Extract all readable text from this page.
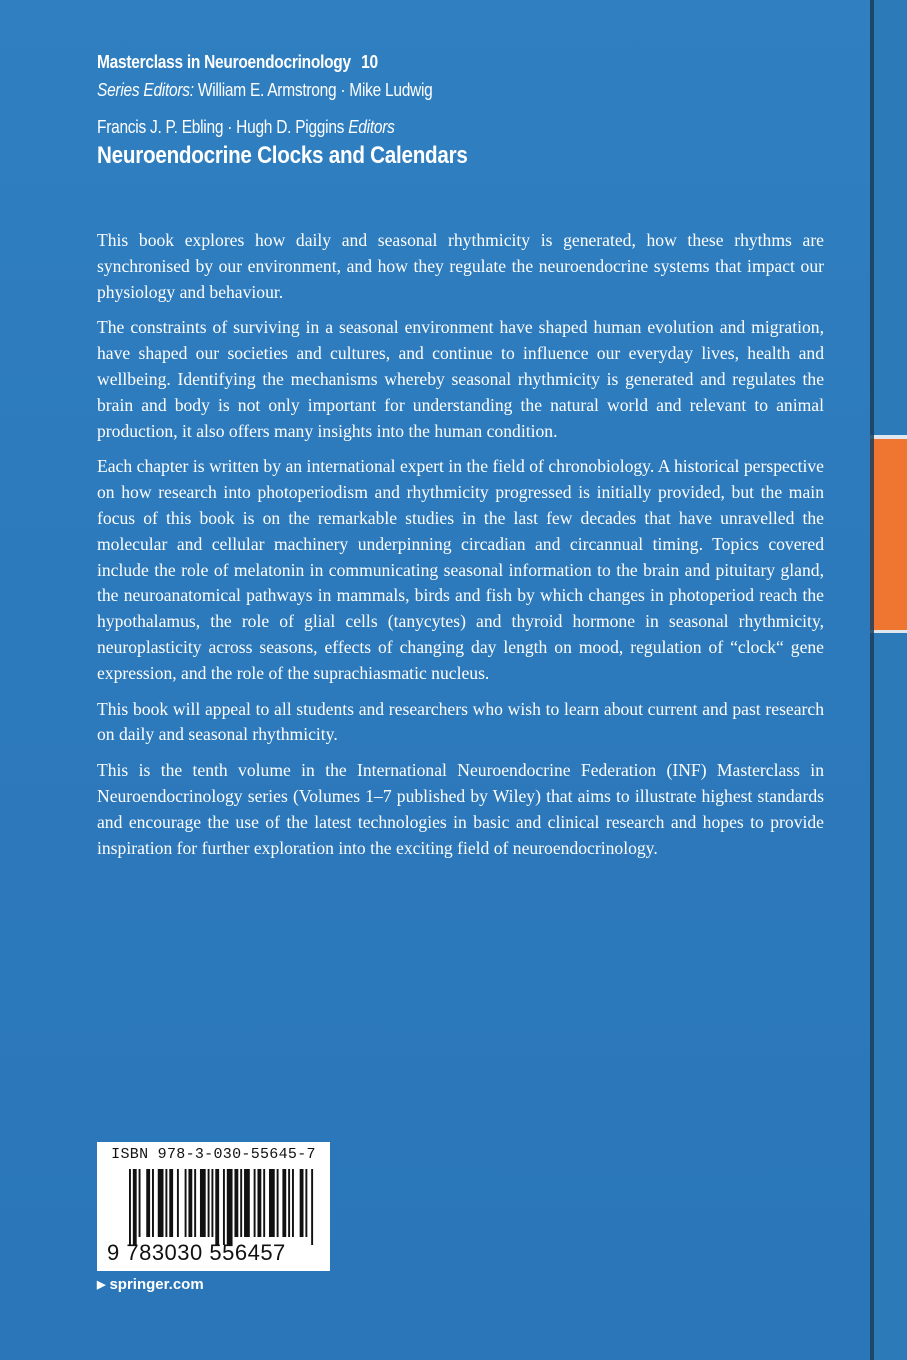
Masterclass in Neuroendocrinology 10
Series Editors: William E. Armstrong · Mike Ludwig
Francis J. P. Ebling · Hugh D. Piggins Editors
Neuroendocrine Clocks and Calendars

This book explores how daily and seasonal rhythmicity is generated, how these rhythms are synchronised by our environment, and how they regulate the neuroendocrine systems that impact our physiology and behaviour.

The constraints of surviving in a seasonal environment have shaped human evolution and migration, have shaped our societies and cultures, and continue to influence our everyday lives, health and wellbeing. Identifying the mechanisms whereby seasonal rhythmicity is generated and regulates the brain and body is not only important for understanding the natural world and relevant to animal production, it also offers many insights into the human condition.

Each chapter is written by an international expert in the field of chronobiology. A historical perspective on how research into photoperiodism and rhythmicity progressed is initially provided, but the main focus of this book is on the remarkable studies in the last few decades that have unravelled the molecular and cellular machinery underpinning circadian and circannual timing. Topics covered include the role of melatonin in communicating seasonal information to the brain and pituitary gland, the neuroanatomical pathways in mammals, birds and fish by which changes in photoperiod reach the hypothalamus, the role of glial cells (tanycytes) and thyroid hormone in seasonal rhythmicity, neuroplasticity across seasons, effects of changing day length on mood, regulation of “clock“ gene expression, and the role of the suprachiasmatic nucleus.

This book will appeal to all students and researchers who wish to learn about current and past research on daily and seasonal rhythmicity.

This is the tenth volume in the International Neuroendocrine Federation (INF) Masterclass in Neuroendocrinology series (Volumes 1–7 published by Wiley) that aims to illustrate highest standards and encourage the use of the latest technologies in basic and clinical research and hopes to provide inspiration for further exploration into the exciting field of neuroendocrinology.

ISBN 978-3-030-55645-7
9 783030 556457
▶ springer.com
